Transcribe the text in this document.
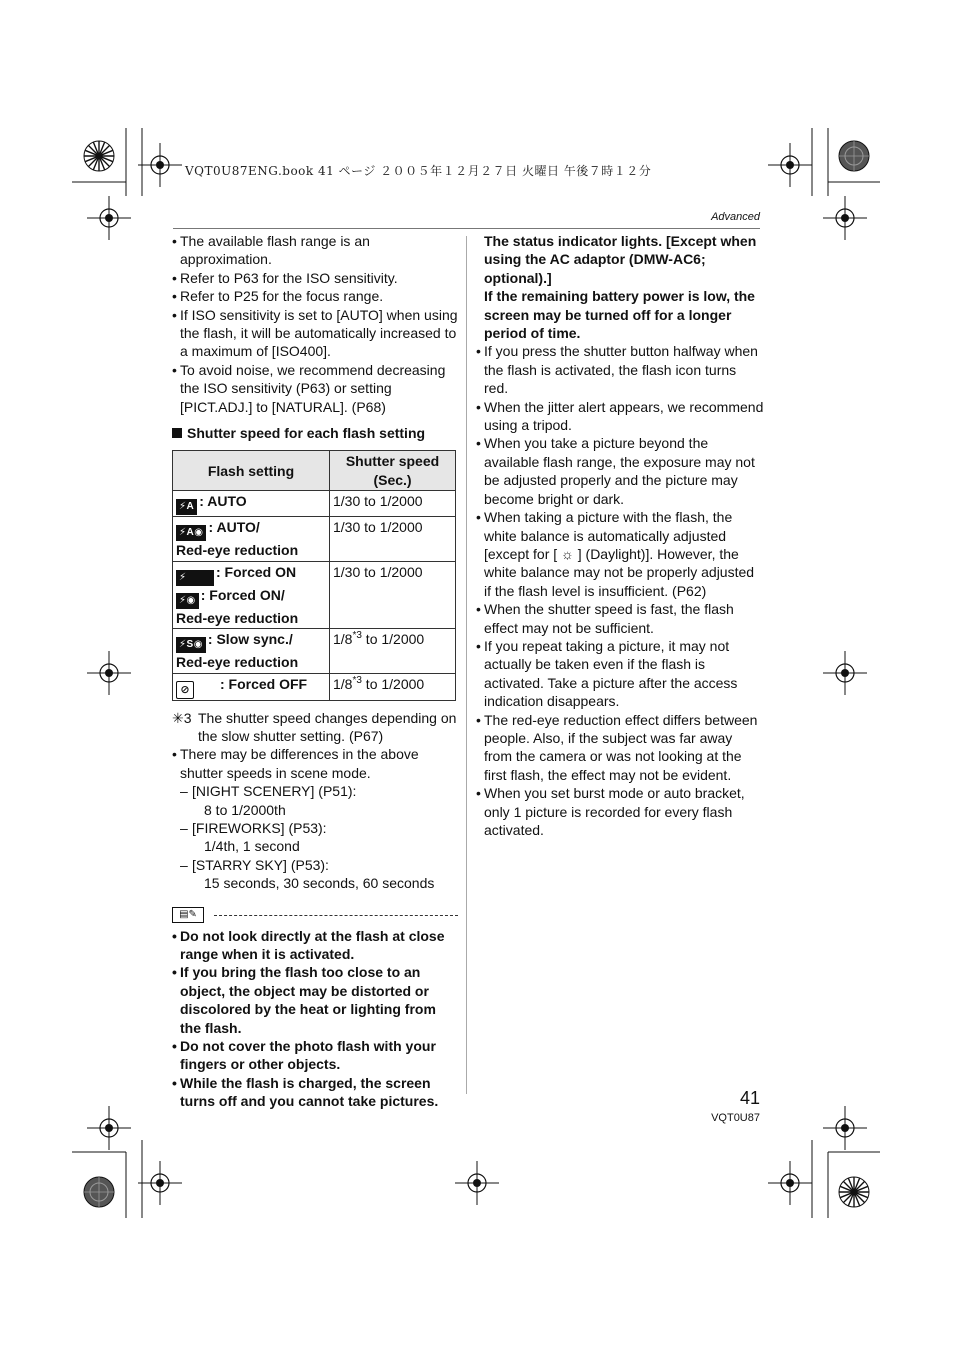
VQT0U87ENG.book 41 ページ ２００５年１２月２７日 火曜日 午後７時１２分
Advanced

• The available flash range is an approximation.

• Refer to P63 for the ISO sensitivity.

• Refer to P25 for the focus range.

• If ISO sensitivity is set to [AUTO] when using the flash, it will be automatically increased to a maximum of [ISO400].

• To avoid noise, we recommend decreasing the ISO sensitivity (P63) or setting [PICT.ADJ.] to [NATURAL]. (P68)

Shutter speed for each flash setting
Flash setting	Shutter speed (Sec.)
⚡A : AUTO	1/30 to 1/2000
⚡A◉ : AUTO/
Red-eye reduction	1/30 to 1/2000
⚡ : Forced ON
⚡◉ : Forced ON/
Red-eye reduction	1/30 to 1/2000
⚡S◉ : Slow sync./
Red-eye reduction	1/8$^{*3}$ to 1/2000
⊘ : Forced OFF	1/8$^{*3}$ to 1/2000

✳3 The shutter speed changes depending on the slow shutter setting. (P67)

• There may be differences in the above shutter speeds in scene mode.

– [NIGHT SCENERY] (P51):
8 to 1/2000th

– [FIREWORKS] (P53):
1/4th, 1 second

– [STARRY SKY] (P53):
15 seconds, 30 seconds, 60 seconds

▤✎

• Do not look directly at the flash at close range when it is activated.

• If you bring the flash too close to an object, the object may be distorted or discolored by the heat or lighting from the flash.

• Do not cover the photo flash with your fingers or other objects.

• While the flash is charged, the screen turns off and you cannot take pictures.

The status indicator lights. [Except when using the AC adaptor (DMW-AC6; optional).]

If the remaining battery power is low, the screen may be turned off for a longer period of time.

• If you press the shutter button halfway when the flash is activated, the flash icon turns red.

• When the jitter alert appears, we recommend using a tripod.

• When you take a picture beyond the available flash range, the exposure may not be adjusted properly and the picture may become bright or dark.

• When taking a picture with the flash, the white balance is automatically adjusted [except for [ ☼ ] (Daylight)]. However, the white balance may not be properly adjusted if the flash level is insufficient. (P62)

• When the shutter speed is fast, the flash effect may not be sufficient.

• If you repeat taking a picture, it may not actually be taken even if the flash is activated. Take a picture after the access indication disappears.

• The red-eye reduction effect differs between people. Also, if the subject was far away from the camera or was not looking at the first flash, the effect may not be evident.

• When you set burst mode or auto bracket, only 1 picture is recorded for every flash activated.

41
VQT0U87
